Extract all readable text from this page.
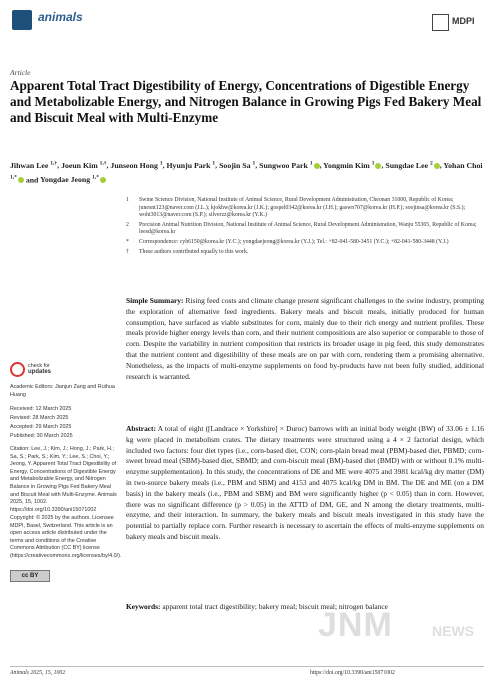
animals	MDPI
Article
Apparent Total Tract Digestibility of Energy, Concentrations of Digestible Energy and Metabolizable Energy, and Nitrogen Balance in Growing Pigs Fed Bakery Meal and Biscuit Meal with Multi-Enzyme
Jihwan Lee $^{1,\dagger}$, Joeun Kim $^{1,\dagger}$, Junseon Hong $^1$, Hyunju Park $^1$, Soojin Sa $^1$, Sungwoo Park $^1$ , Yongmin Kim $^1$ , Sungdae Lee $^2$ , Yohan Choi $^{1,*}$ and Yongdae Jeong $^{1,*}$
1 Swine Science Division, National Institute of Animal Science, Rural Development Administration, Cheonan 31000, Republic of Korea; junesnt123@naver.com (J.L.); kjokhw@korea.kr (J.K.); gospel0342@korea.kr (J.H.); gaswn707@korea.kr (H.P.); soojinsa@korea.kr (S.S.); woht3013@naver.com (S.P.); silverzz@korea.kr (Y.K.)
2 Precision Animal Nutrition Division, National Institute of Animal Science, Rural Development Administration, Wanju 55365, Republic of Korea; leesd@korea.kr
* Correspondence: cyh6150@korea.kr (Y.C.); yongdaejeong@korea.kr (Y.J.); Tel.: +82-041-580-3451 (Y.C.); +82-041-580-3448 (Y.J.)
† These authors contributed equally to this work.

Simple Summary: Rising feed costs and climate change present significant challenges to the swine industry, prompting the exploration of alternative feed ingredients. Bakery meals and biscuit meals, initially produced for human consumption, have surfaced as viable substitutes for corn, mainly due to their rich energy and nutrient profiles. These meals provide higher energy levels than corn, and their nutrient compositions are also superior or comparable to those of corn. Despite the variability in nutrient composition that restricts its broader usage in pig feed, this study demonstrates that the nutrient content and digestibility of these meals are on par with corn, rendering them a promising alternative. Nonetheless, as the impacts of multi-enzyme supplements on food by-products have not been fully studied, additional research is warranted.

Abstract: A total of eight ([Landrace × Yorkshire] × Duroc) barrows with an initial body weight (BW) of 33.06 ± 1.16 kg were placed in metabolism crates. The dietary treatments were structured using a 4 × 2 factorial design, which included two factors: four diet types (i.e., corn-based diet, CON; corn-plain bread meal (PBM)-based diet, PBMD; corn-sweet bread meal (SBM)-based diet, SBMD; and corn-biscuit meal (BM)-based diet (BMD) with or without 0.1% multi-enzyme supplementation). In this study, the concentrations of DE and ME were 4075 and 3981 kcal/kg dry matter (DM) in two-source bakery meals (i.e., PBM and SBM) and 4153 and 4075 kcal/kg DM in BM. The DE and ME (on a DM basis) in the bakery meals (i.e., PBM and SBM) and BM were significantly higher (p < 0.05) than in corn. However, there was no significant difference (p > 0.05) in the ATTD of DM, GE, and N among the dietary treatments, multi-enzyme, and their interaction. In summary, the bakery meals and biscuit meals investigated in this study have the potential to partially replace corn. Further research is necessary to ascertain the effects of multi-enzyme supplements on bakery meals and biscuit meals.

Keywords: apparent total tract digestibility; bakery meal; biscuit meal; nitrogen balance

check for
updates
Academic Editors: Jianjun Zang and Ruihua Huang
Received: 12 March 2025
Revised: 28 March 2025
Accepted: 29 March 2025
Published: 30 March 2025
Citation: Lee, J.; Kim, J.; Hong, J.; Park, H.; Sa, S.; Park, S.; Kim, Y.; Lee, S.; Choi, Y.; Jeong, Y. Apparent Total Tract Digestibility of Energy, Concentrations of Digestible Energy and Metabolizable Energy, and Nitrogen Balance in Growing Pigs Fed Bakery Meal and Biscuit Meal with Multi-Enzyme. Animals 2025, 15, 1002. https://doi.org/10.3390/ani15071002
Copyright: © 2025 by the authors. Licensee MDPI, Basel, Switzerland. This article is an open access article distributed under the terms and conditions of the Creative Commons Attribution (CC BY) license (https://creativecommons.org/licenses/by/4.0/).
cc BY
JNM	NEWS
Animals 2025, 15, 1002	https://doi.org/10.3390/ani15071002
